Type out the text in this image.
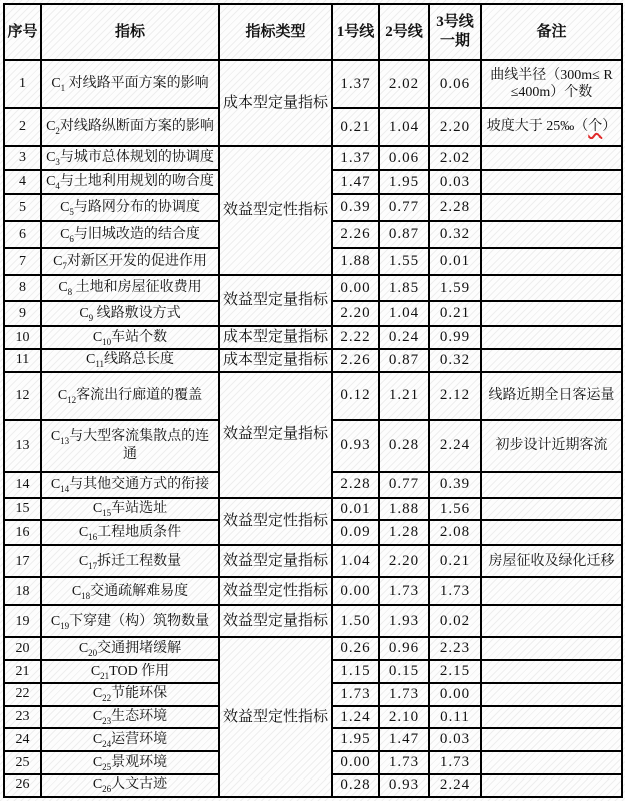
序号	指标	指标类型	1号线	2号线	3号线一期	备注
1	$C_1$ 对线路平面方案的影响	成本型定量指标	1.37	2.02	0.06	曲线半径（300m≤ R ≤400m）个数
2	$C_2$对线路纵断面方案的影响		0.21	1.04	2.20	坡度大于 25‰（个）
3	$C_3$与城市总体规划的协调度	效益型定性指标	1.37	0.06	2.02	
4	$C_4$与土地利用规划的吻合度		1.47	1.95	0.03	
5	$C_5$与路网分布的协调度		0.39	0.77	2.28	
6	$C_6$与旧城改造的结合度		2.26	0.87	0.32	
7	$C_7$对新区开发的促进作用		1.88	1.55	0.01	
8	$C_8$ 土地和房屋征收费用	效益型定量指标	0.00	1.85	1.59	
9	$C_9$ 线路敷设方式		2.20	1.04	0.21	
10	$C_{10}$车站个数	成本型定量指标	2.22	0.24	0.99	
11	$C_{11}$线路总长度	成本型定量指标	2.26	0.87	0.32	
12	$C_{12}$客流出行廊道的覆盖	效益型定量指标	0.12	1.21	2.12	线路近期全日客运量
13	$C_{13}$与大型客流集散点的连通		0.93	0.28	2.24	初步设计近期客流
14	$C_{14}$与其他交通方式的衔接		2.28	0.77	0.39	
15	$C_{15}$车站选址	效益型定性指标	0.01	1.88	1.56	
16	$C_{16}$工程地质条件		0.09	1.28	2.08	
17	$C_{17}$拆迁工程数量	效益型定量指标	1.04	2.20	0.21	房屋征收及绿化迁移
18	$C_{18}$交通疏解难易度	效益型定性指标	0.00	1.73	1.73	
19	$C_{19}$下穿建（构）筑物数量	效益型定量指标	1.50	1.93	0.02	
20	$C_{20}$交通拥堵缓解	效益型定性指标	0.26	0.96	2.23	
21	$C_{21}TOD$ 作用		1.15	0.15	2.15	
22	$C_{22}$节能环保		1.73	1.73	0.00	
23	$C_{23}$生态环境		1.24	2.10	0.11	
24	$C_{24}$运营环境		1.95	1.47	0.03	
25	$C_{25}$景观环境		0.00	1.73	1.73	
26	$C_{26}$人文古迹		0.28	0.93	2.24	
